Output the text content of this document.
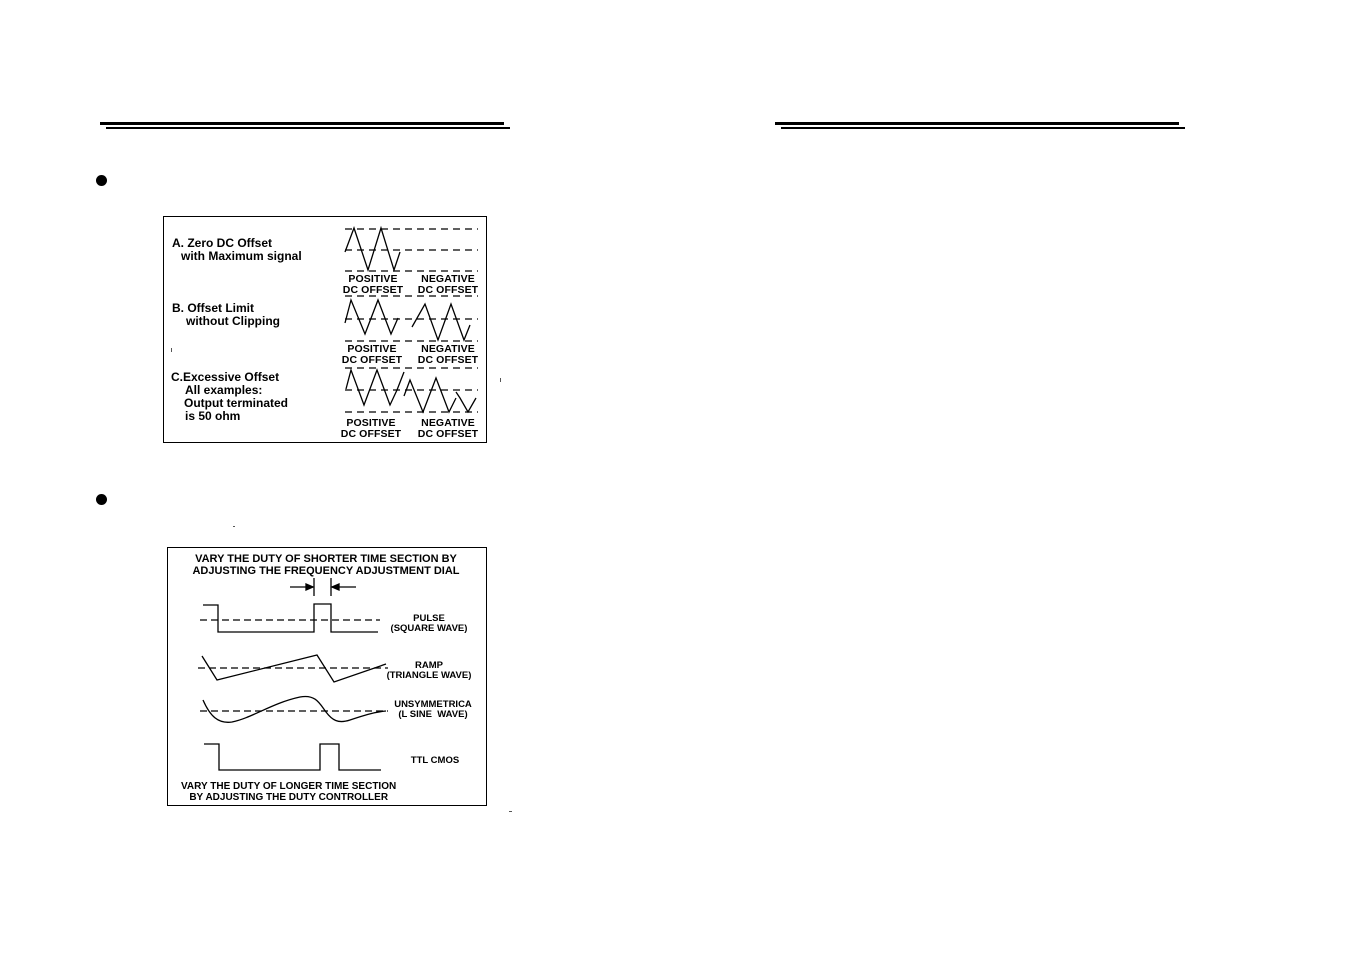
A. Zero DC Offset
with Maximum signal
POSITIVE
DC OFFSET
NEGATIVE
DC OFFSET
B. Offset Limit
without Clipping
POSITIVE
DC OFFSET
NEGATIVE
DC OFFSET
C.Excessive Offset
All examples:
Output terminated
is 50 ohm	POSITIVE
DC OFFSET
NEGATIVE
DC OFFSET
VARY THE DUTY OF SHORTER TIME SECTION BY
ADJUSTING THE FREQUENCY ADJUSTMENT DIAL
PULSE
(SQUARE WAVE)
RAMP
(TRIANGLE WAVE)
UNSYMMETRICA
(L SINE  WAVE)
TTL CMOS
VARY THE DUTY OF LONGER TIME SECTION
BY ADJUSTING THE DUTY CONTROLLER
